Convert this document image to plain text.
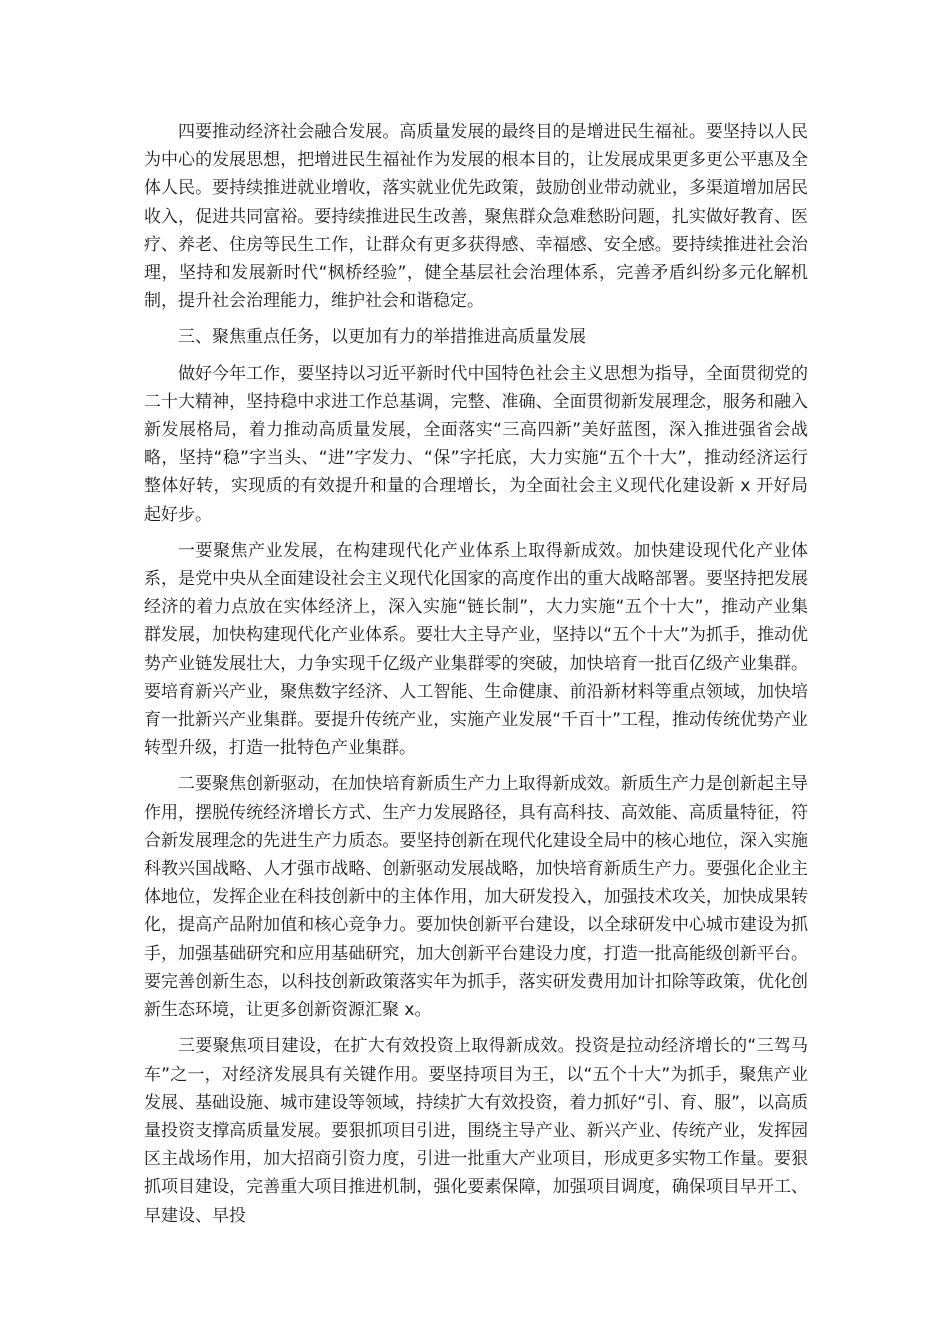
四要推动经济社会融合发展。高质量发展的最终目的是增进民生福祉。要坚持以人民为中心的发展思想，把增进民生福祉作为发展的根本目的，让发展成果更多更公平惠及全体人民。要持续推进就业增收，落实就业优先政策，鼓励创业带动就业，多渠道增加居民收入，促进共同富裕。要持续推进民生改善，聚焦群众急难愁盼问题，扎实做好教育、医疗、养老、住房等民生工作，让群众有更多获得感、幸福感、安全感。要持续推进社会治理，坚持和发展新时代“枫桥经验”，健全基层社会治理体系，完善矛盾纠纷多元化解机制，提升社会治理能力，维护社会和谐稳定。

三、聚焦重点任务，以更加有力的举措推进高质量发展

做好今年工作，要坚持以习近平新时代中国特色社会主义思想为指导，全面贯彻党的二十大精神，坚持稳中求进工作总基调，完整、准确、全面贯彻新发展理念，服务和融入新发展格局，着力推动高质量发展，全面落实“三高四新”美好蓝图，深入推进强省会战略，坚持“稳”字当头、“进”字发力、“保”字托底，大力实施“五个十大”，推动经济运行整体好转，实现质的有效提升和量的合理增长，为全面社会主义现代化建设新 x 开好局起好步。

一要聚焦产业发展，在构建现代化产业体系上取得新成效。加快建设现代化产业体系，是党中央从全面建设社会主义现代化国家的高度作出的重大战略部署。要坚持把发展经济的着力点放在实体经济上，深入实施“链长制”，大力实施“五个十大”，推动产业集群发展，加快构建现代化产业体系。要壮大主导产业，坚持以“五个十大”为抓手，推动优势产业链发展壮大，力争实现千亿级产业集群零的突破，加快培育一批百亿级产业集群。要培育新兴产业，聚焦数字经济、人工智能、生命健康、前沿新材料等重点领域，加快培育一批新兴产业集群。要提升传统产业，实施产业发展“千百十”工程，推动传统优势产业转型升级，打造一批特色产业集群。

二要聚焦创新驱动，在加快培育新质生产力上取得新成效。新质生产力是创新起主导作用，摆脱传统经济增长方式、生产力发展路径，具有高科技、高效能、高质量特征，符合新发展理念的先进生产力质态。要坚持创新在现代化建设全局中的核心地位，深入实施科教兴国战略、人才强市战略、创新驱动发展战略，加快培育新质生产力。要强化企业主体地位，发挥企业在科技创新中的主体作用，加大研发投入，加强技术攻关，加快成果转化，提高产品附加值和核心竞争力。要加快创新平台建设，以全球研发中心城市建设为抓手，加强基础研究和应用基础研究，加大创新平台建设力度，打造一批高能级创新平台。要完善创新生态，以科技创新政策落实年为抓手，落实研发费用加计扣除等政策，优化创新生态环境，让更多创新资源汇聚 x。

三要聚焦项目建设，在扩大有效投资上取得新成效。投资是拉动经济增长的“三驾马车”之一，对经济发展具有关键作用。要坚持项目为王，以“五个十大”为抓手，聚焦产业发展、基础设施、城市建设等领域，持续扩大有效投资，着力抓好“引、育、服”，以高质量投资支撑高质量发展。要狠抓项目引进，围绕主导产业、新兴产业、传统产业，发挥园区主战场作用，加大招商引资力度，引进一批重大产业项目，形成更多实物工作量。要狠抓项目建设，完善重大项目推进机制，强化要素保障，加强项目调度，确保项目早开工、早建设、早投
